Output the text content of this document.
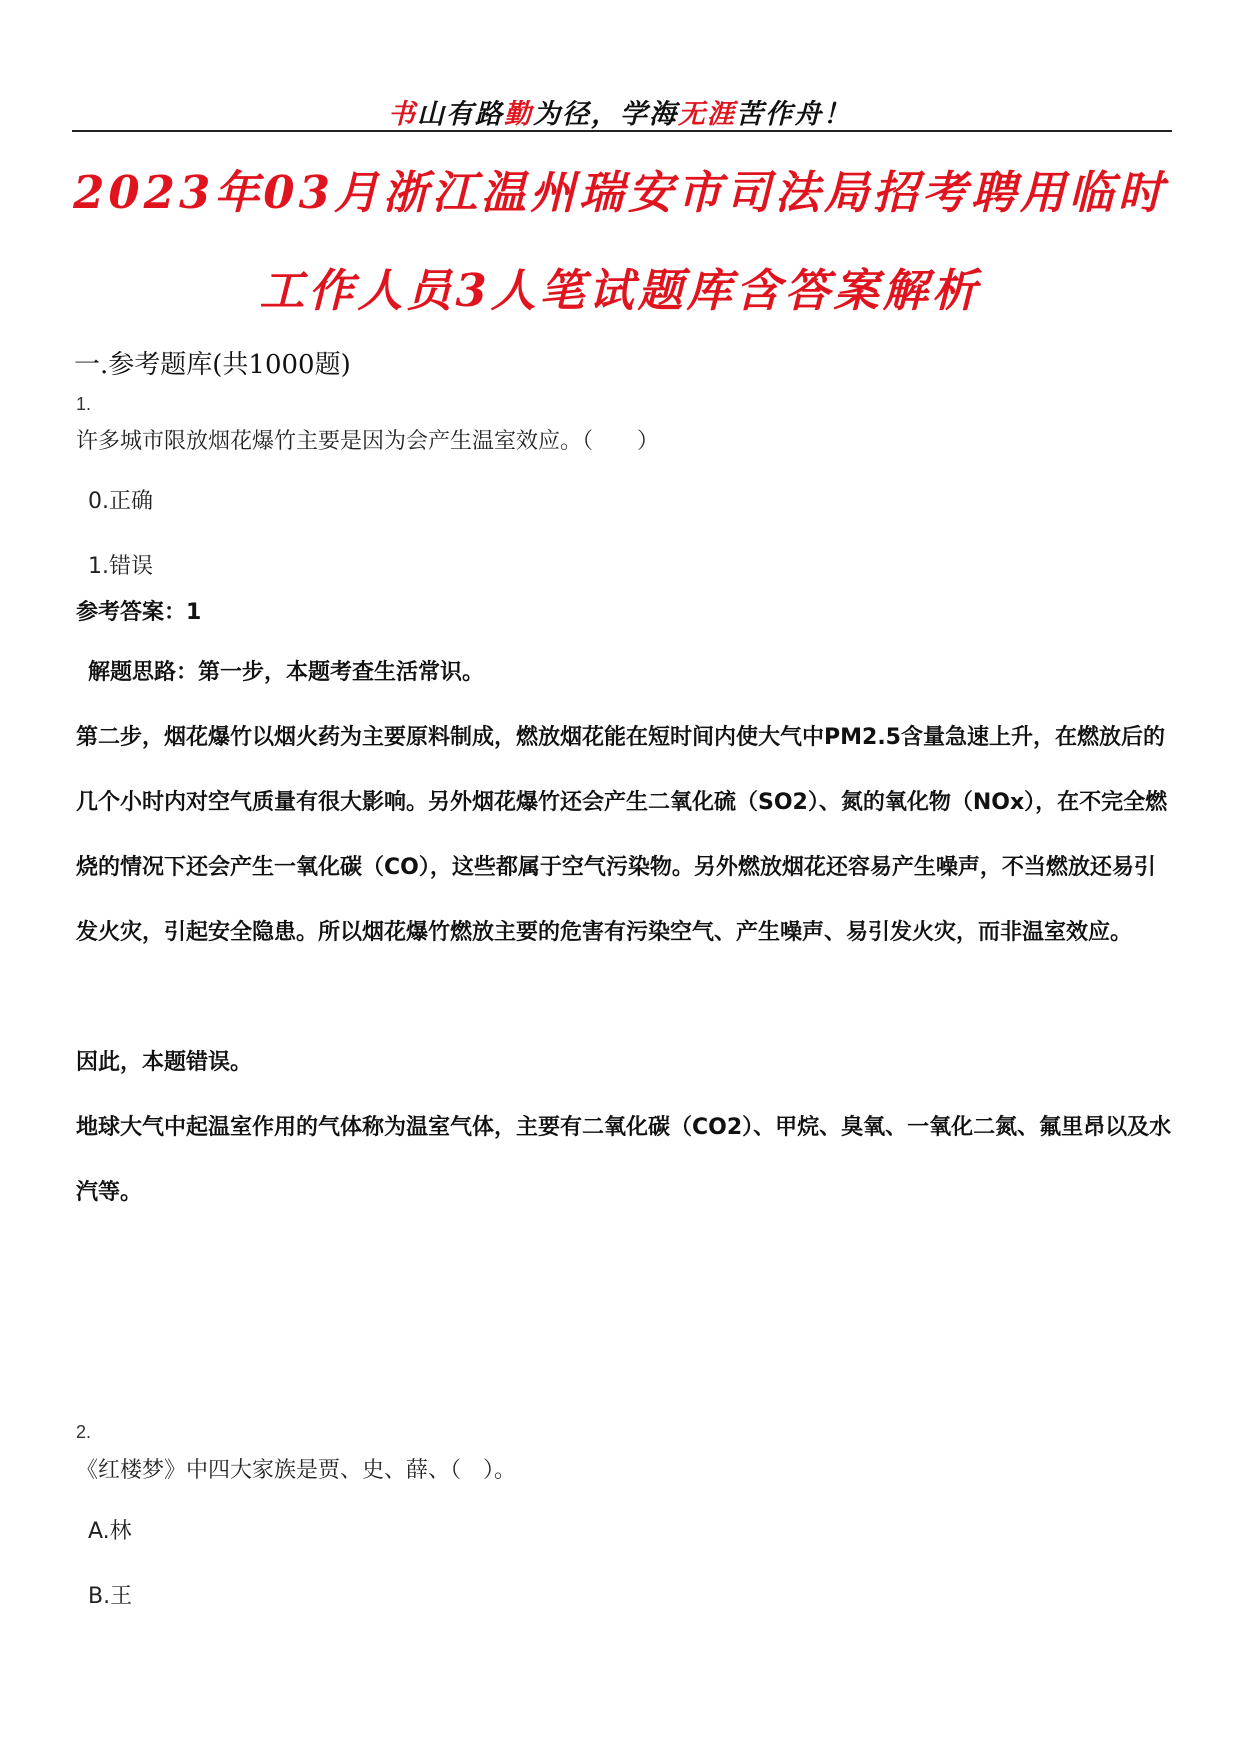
书山有路勤为径，学海无涯苦作舟！
2023年03月浙江温州瑞安市司法局招考聘用临时
工作人员3人笔试题库含答案解析
一.参考题库(共1000题)
1.
许多城市限放烟花爆竹主要是因为会产生温室效应。（　　）
0.正确
1.错误
参考答案：1
解题思路：第一步，本题考查生活常识。
第二步，烟花爆竹以烟火药为主要原料制成，燃放烟花能在短时间内使大气中PM2.5含量急速上升，在燃放后的几个小时内对空气质量有很大影响。另外烟花爆竹还会产生二氧化硫（SO2）、氮的氧化物（NOx），在不完全燃烧的情况下还会产生一氧化碳（CO），这些都属于空气污染物。另外燃放烟花还容易产生噪声，不当燃放还易引发火灾，引起安全隐患。所以烟花爆竹燃放主要的危害有污染空气、产生噪声、易引发火灾，而非温室效应。
因此，本题错误。
地球大气中起温室作用的气体称为温室气体，主要有二氧化碳（CO2）、甲烷、臭氧、一氧化二氮、氟里昂以及水汽等。
2.
《红楼梦》中四大家族是贾、史、薛、（　）。
A.林
B.王
